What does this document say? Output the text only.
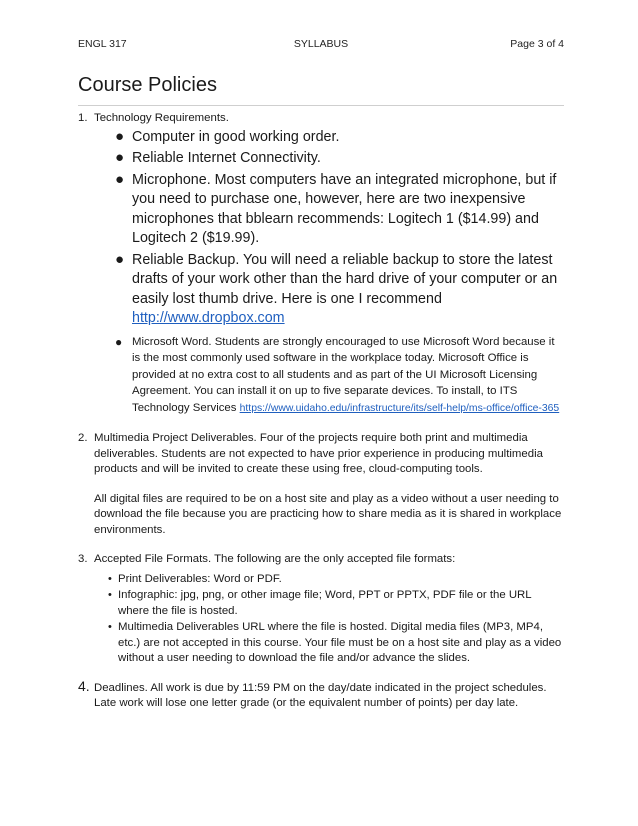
ENGL 317	SYLLABUS	Page 3 of 4
Course Policies
1. Technology Requirements.
● Computer in good working order.
● Reliable Internet Connectivity.
● Microphone. Most computers have an integrated microphone, but if you need to purchase one, however, here are two inexpensive microphones that bblearn recommends: Logitech 1 ($14.99) and Logitech 2 ($19.99).
● Reliable Backup. You will need a reliable backup to store the latest drafts of your work other than the hard drive of your computer or an easily lost thumb drive. Here is one I recommend
http://www.dropbox.com
● Microsoft Word. Students are strongly encouraged to use Microsoft Word because it is the most commonly used software in the workplace today. Microsoft Office is provided at no extra cost to all students and as part of the UI Microsoft Licensing Agreement. You can install it on up to five separate devices. To install, to ITS Technology Services https://www.uidaho.edu/infrastructure/its/self-help/ms-office/office-365
2. Multimedia Project Deliverables. Four of the projects require both print and multimedia deliverables. Students are not expected to have prior experience in producing multimedia products and will be invited to create these using free, cloud-computing tools.

All digital files are required to be on a host site and play as a video without a user needing to download the file because you are practicing how to share media as it is shared in workplace environments.

3. Accepted File Formats. The following are the only accepted file formats:

• Print Deliverables: Word or PDF.
• Infographic: jpg, png, or other image file; Word, PPT or PPTX, PDF file or the URL where the file is hosted.
• Multimedia Deliverables URL where the file is hosted. Digital media files (MP3, MP4, etc.) are not accepted in this course. Your file must be on a host site and play as a video without a user needing to download the file and/or advance the slides.
4. Deadlines. All work is due by 11:59 PM on the day/date indicated in the project schedules. Late work will lose one letter grade (or the equivalent number of points) per day late.
